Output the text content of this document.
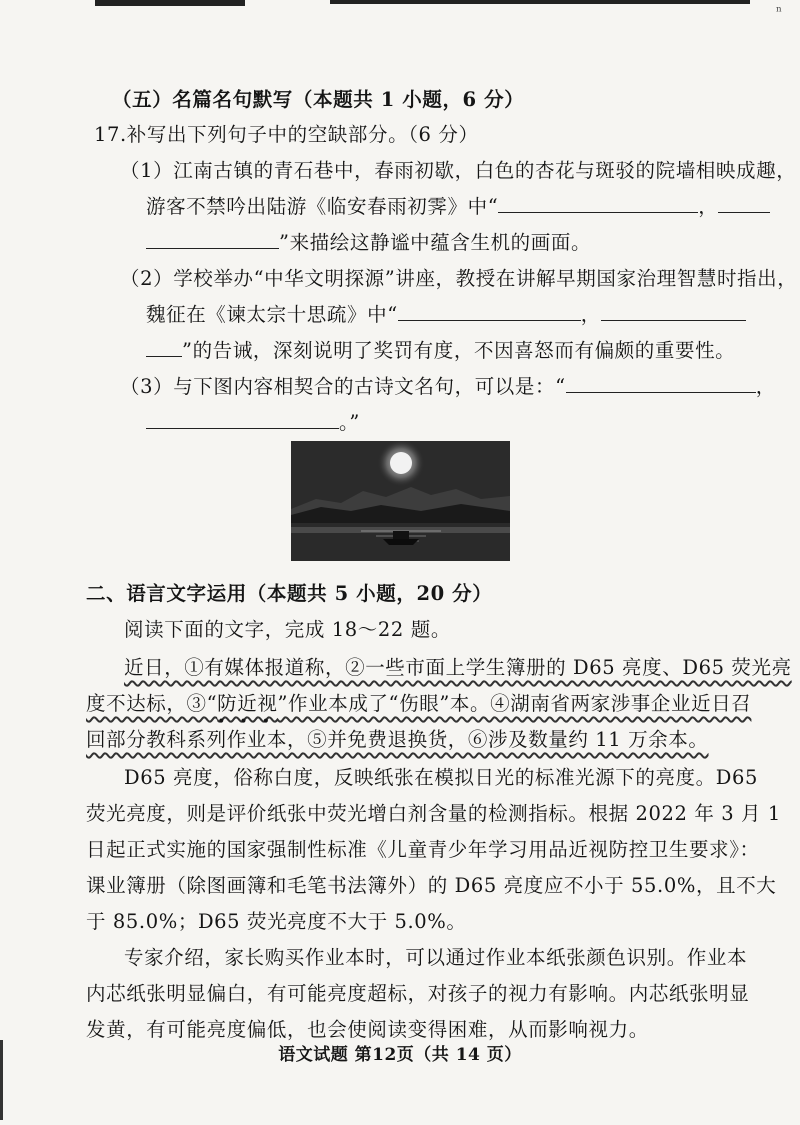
ⁿ
（五）名篇名句默写（本题共 1 小题，6 分）
17.补写出下列句子中的空缺部分。（6 分）
（1）江南古镇的青石巷中，春雨初歇，白色的杏花与斑驳的院墙相映成趣，
游客不禁吟出陆游《临安春雨初霁》中“	，
”来描绘这静谧中蕴含生机的画面。
（2）学校举办“中华文明探源”讲座，教授在讲解早期国家治理智慧时指出，
魏征在《谏太宗十思疏》中“	，
”的告诫，深刻说明了奖罚有度，不因喜怒而有偏颇的重要性。
（3）与下图内容相契合的古诗文名句，可以是：“	，
。”
二、语言文字运用（本题共 5 小题，20 分）
阅读下面的文字，完成 18～22 题。
近日，①有媒体报道称，②一些市面上学生簿册的 D65 亮度、D65 荧光亮
度不达标，③“防近视
•••
”作业本成了“伤眼”本。④湖南省两家涉事企业近日召
回部分教科系列作业本，⑤并免费退换货，⑥涉及数量约 11 万余本。
D65 亮度，俗称白度，反映纸张在模拟日光的标准光源下的亮度。D65
荧光亮度，则是评价纸张中荧光增白剂含量的检测指标。根据 2022 年 3 月 1
日起正式实施的国家强制性标准《儿童青少年学习用品近视防控卫生要求》：
课业簿册（除图画簿和毛笔书法簿外）的 D65 亮度应不小于 55.0%，且不大
于 85.0%；D65 荧光亮度不大于 5.0%。
专家介绍，家长购买作业本时，可以通过作业本纸张颜色识别。作业本
内芯纸张明显偏白，有可能亮度超标，对孩子的视力有影响。内芯纸张明显
发黄，有可能亮度偏低，也会使阅读变得困难，从而影响视力。
语文试题 第12页（共 14 页）
